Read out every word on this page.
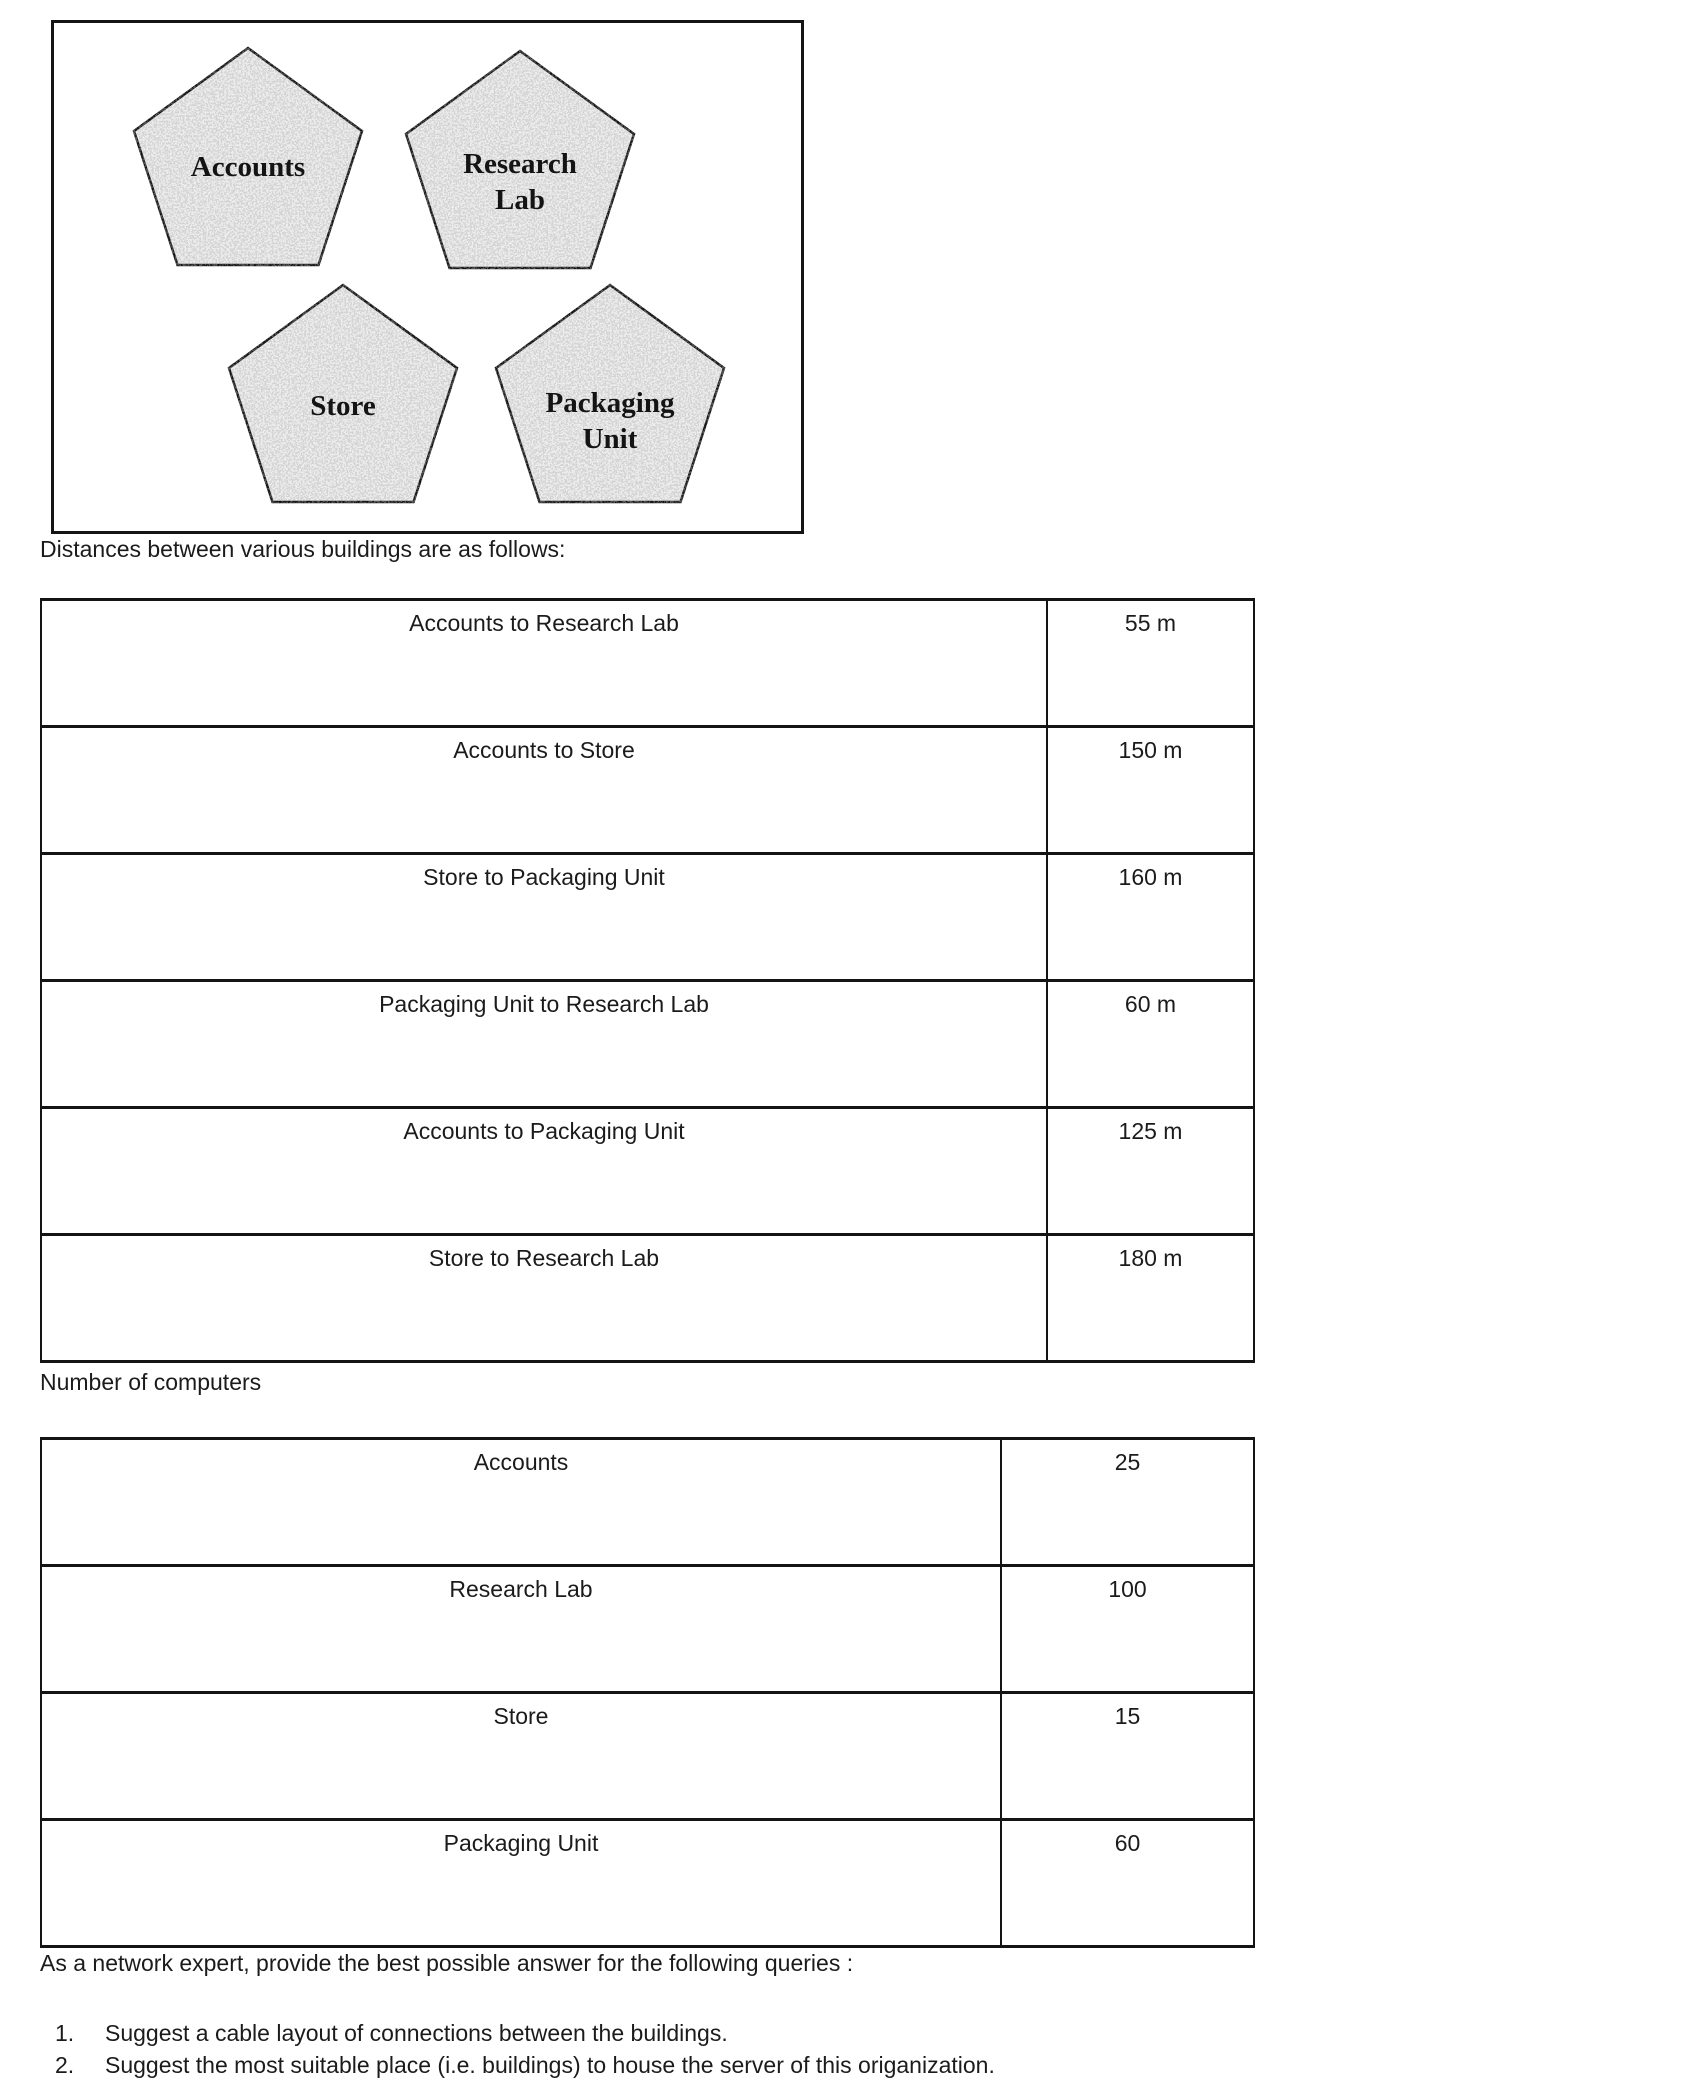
Accounts	Research
Lab
Store	Packaging
Unit
Distances between various buildings are as follows:
Accounts to Research Lab	55 m
Accounts to Store	150 m
Store to Packaging Unit	160 m
Packaging Unit to Research Lab	60 m
Accounts to Packaging Unit	125 m
Store to Research Lab	180 m
Number of computers
Accounts	25
Research Lab	100
Store	15
Packaging Unit	60
As a network expert, provide the best possible answer for the following queries :
1.	Suggest a cable layout of connections between the buildings.
2.	Suggest the most suitable place (i.e. buildings) to house the server of this origanization.
